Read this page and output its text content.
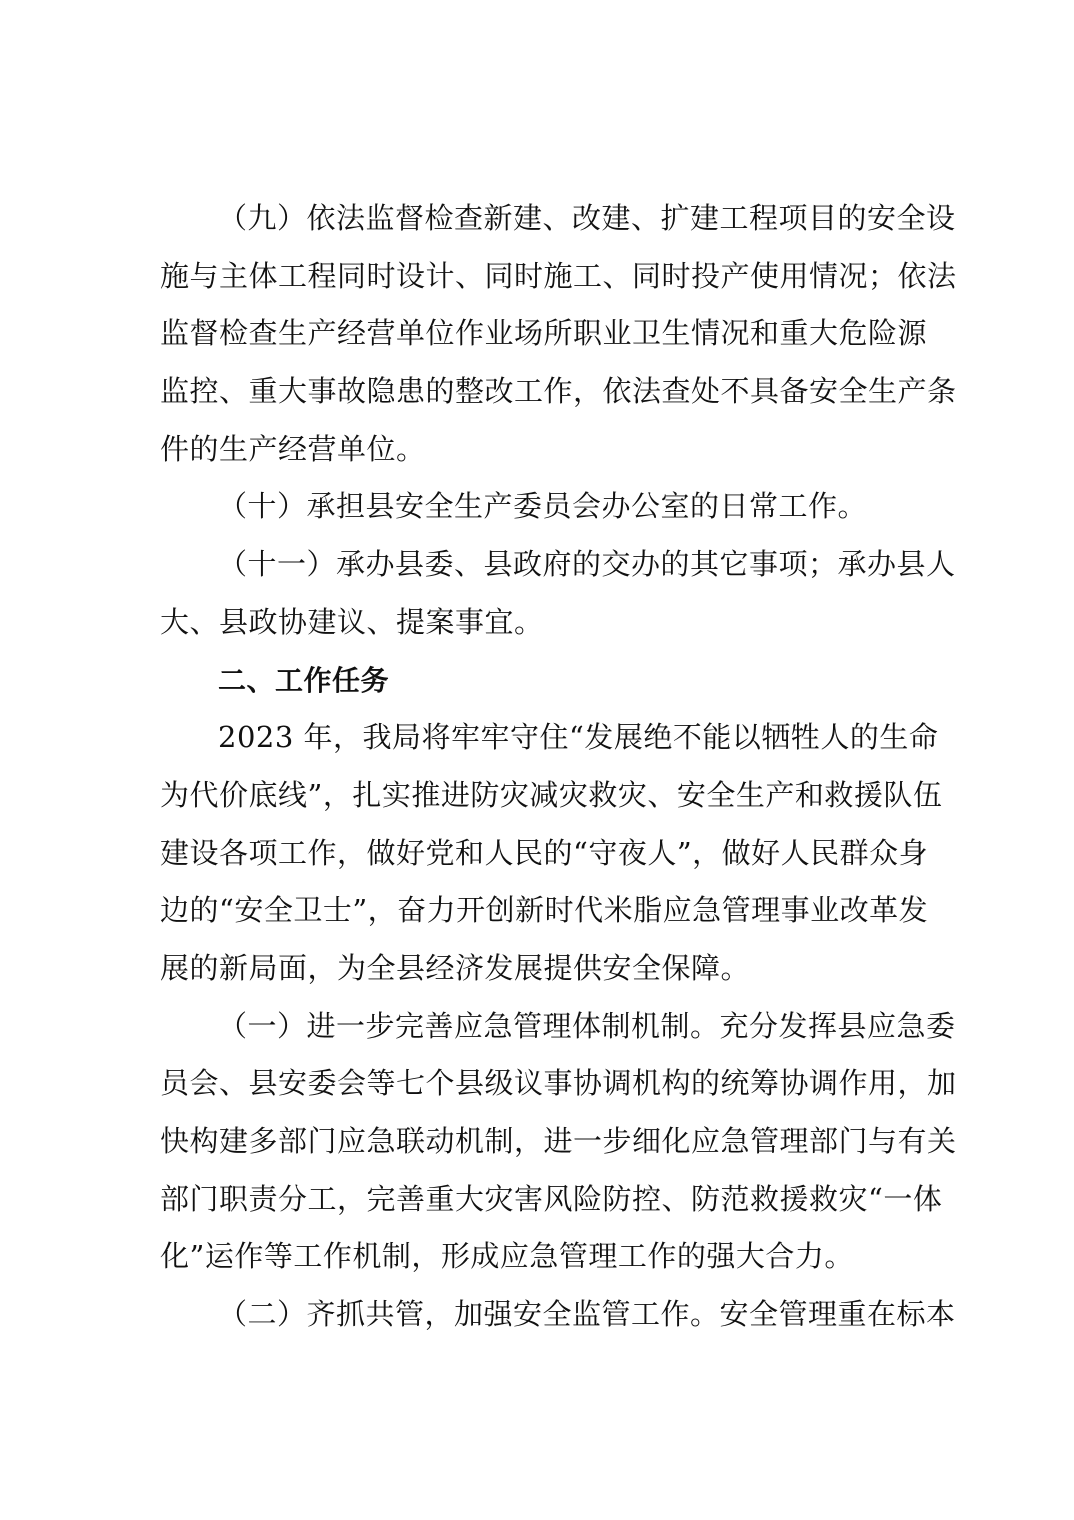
（九）依法监督检查新建、改建、扩建工程项目的安全设
施与主体工程同时设计、同时施工、同时投产使用情况；依法
监督检查生产经营单位作业场所职业卫生情况和重大危险源
监控、重大事故隐患的整改工作，依法查处不具备安全生产条
件的生产经营单位。
（十）承担县安全生产委员会办公室的日常工作。
（十一）承办县委、县政府的交办的其它事项；承办县人
大、县政协建议、提案事宜。
二、工作任务
2023 年，我局将牢牢守住“发展绝不能以牺牲人的生命
为代价底线”，扎实推进防灾减灾救灾、安全生产和救援队伍
建设各项工作，做好党和人民的“守夜人”，做好人民群众身
边的“安全卫士”，奋力开创新时代米脂应急管理事业改革发
展的新局面，为全县经济发展提供安全保障。
（一）进一步完善应急管理体制机制。充分发挥县应急委
员会、县安委会等七个县级议事协调机构的统筹协调作用，加
快构建多部门应急联动机制，进一步细化应急管理部门与有关
部门职责分工，完善重大灾害风险防控、防范救援救灾“一体
化”运作等工作机制，形成应急管理工作的强大合力。
（二）齐抓共管，加强安全监管工作。安全管理重在标本
